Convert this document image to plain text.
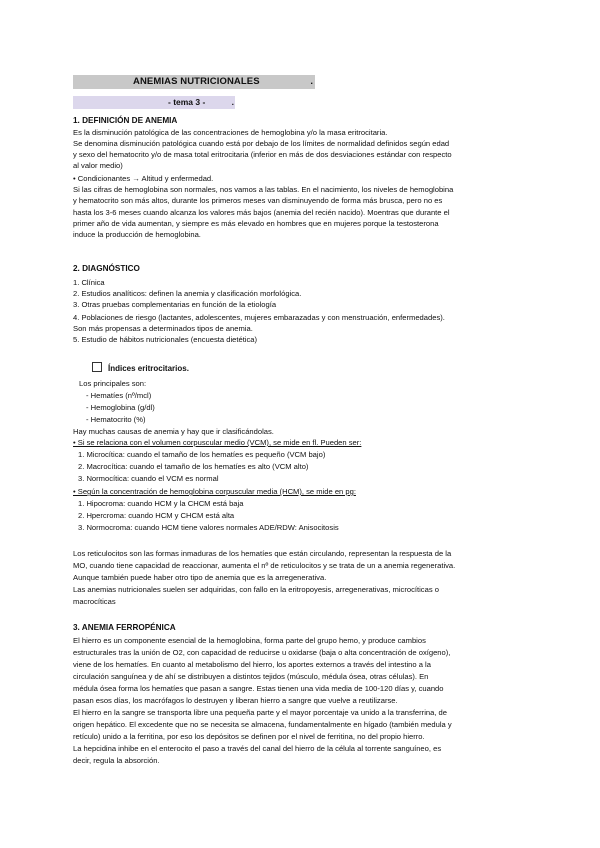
ANEMIAS NUTRICIONALES	.
- tema 3 -	.
1. DEFINICIÓN DE ANEMIA
Es la disminución patológica de las concentraciones de hemoglobina y/o la masa eritrocitaria.
Se denomina disminución patológica cuando está por debajo de los límites de normalidad definidos según edad
y sexo del hematocrito y/o de masa total eritrocitaria (inferior en más de dos desviaciones estándar con respecto
al valor medio)
• Condicionantes → Altitud y enfermedad.
Si las cifras de hemoglobina son normales, nos vamos a las tablas. En el nacimiento, los niveles de hemoglobina
y hematocrito son más altos, durante los primeros meses van disminuyendo de forma más brusca, pero no es
hasta los 3-6 meses cuando alcanza los valores más bajos (anemia del recién nacido). Moentras que durante el
primer año de vida aumentan, y siempre es más elevado en hombres que en mujeres porque la testosterona
induce la producción de hemoglobina.
2. DIAGNÓSTICO
1. Clínica
2. Estudios analíticos: definen la anemia y clasificación morfológica.
3. Otras pruebas complementarias en función de la etiología
4. Poblaciones de riesgo (lactantes, adolescentes, mujeres embarazadas y con menstruación, enfermedades).
Son más propensas a determinados tipos de anemia.
5. Estudio de hábitos nutricionales (encuesta dietética)
Índices eritrocitarios.
Los principales son:
- Hematíes (nº/mcl)
- Hemoglobina (g/dl)
- Hematocrito (%)
Hay muchas causas de anemia y hay que ir clasificándolas.
• Si se relaciona con el volumen corpuscular medio (VCM), se mide en fl. Pueden ser:
1. Microcítica: cuando el tamaño de los hematíes es pequeño (VCM bajo)
2. Macrocítica: cuando el tamaño de los hematíes es alto (VCM alto)
3. Normocítica: cuando el VCM es normal
• Según la concentración de hemoglobina corpuscular media (HCM), se mide en pg:
1. Hipocroma: cuando HCM y la CHCM está baja
2. Hpercroma: cuando HCM y CHCM está alta
3. Normocroma: cuando HCM tiene valores normales ADE/RDW: Anisocitosis
Los reticulocitos son las formas inmaduras de los hematíes que están circulando, representan la respuesta de la
MO, cuando tiene capacidad de reaccionar, aumenta el nº de reticulocitos y se trata de un a anemia regenerativa.
Aunque también puede haber otro tipo de anemia que es la arregenerativa.
Las anemias nutricionales suelen ser adquiridas, con fallo en la eritropoyesis, arregenerativas, microcíticas o
macrocíticas
3. ANEMIA FERROPÉNICA
El hierro es un componente esencial de la hemoglobina, forma parte del grupo hemo, y produce cambios
estructurales tras la unión de O2, con capacidad de reducirse u oxidarse (baja o alta concentración de oxígeno),
viene de los hematíes. En cuanto al metabolismo del hierro, los aportes externos a través del intestino a la
circulación sanguínea y de ahí se distribuyen a distintos tejidos (músculo, médula ósea, otras células). En
médula ósea forma los hematíes que pasan a sangre. Estas tienen una vida media de 100-120 días y, cuando
pasan esos días, los macrófagos lo destruyen y liberan hierro a sangre que vuelve a reutilizarse.
El hierro en la sangre se transporta libre una pequeña parte y el mayor porcentaje va unido a la transferrina, de
origen hepático. El excedente que no se necesita se almacena, fundamentalmente en hígado (también medula y
retículo) unido a la ferritina, por eso los depósitos se definen por el nivel de ferritina, no del propio hierro.
La hepcidina inhibe en el enterocito el paso a través del canal del hierro de la célula al torrente sanguíneo, es
decir, regula la absorción.
